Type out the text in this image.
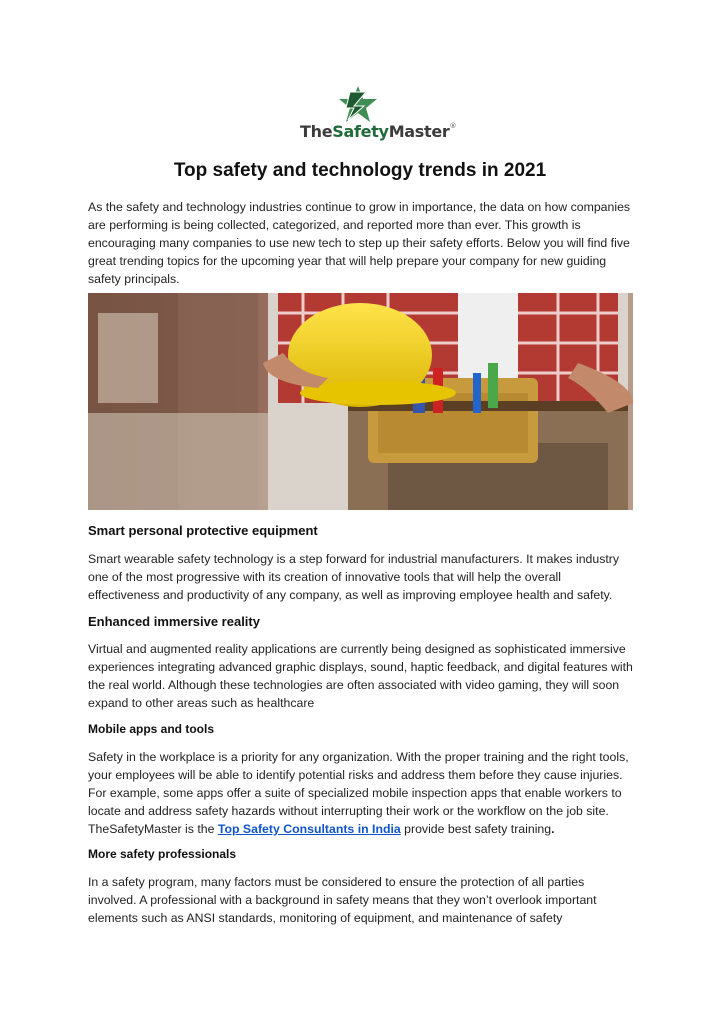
TheSafetyMaster®
Top safety and technology trends in 2021

As the safety and technology industries continue to grow in importance, the data on how companies are performing is being collected, categorized, and reported more than ever. This growth is encouraging many companies to use new tech to step up their safety efforts. Below you will find five great trending topics for the upcoming year that will help prepare your company for new guiding safety principals.

Smart personal protective equipment

Smart wearable safety technology is a step forward for industrial manufacturers. It makes industry one of the most progressive with its creation of innovative tools that will help the overall effectiveness and productivity of any company, as well as improving employee health and safety.

Enhanced immersive reality

Virtual and augmented reality applications are currently being designed as sophisticated immersive experiences integrating advanced graphic displays, sound, haptic feedback, and digital features with the real world. Although these technologies are often associated with video gaming, they will soon expand to other areas such as healthcare

Mobile apps and tools

Safety in the workplace is a priority for any organization. With the proper training and the right tools, your employees will be able to identify potential risks and address them before they cause injuries. For example, some apps offer a suite of specialized mobile inspection apps that enable workers to locate and address safety hazards without interrupting their work or the workflow on the job site. TheSafetyMaster is the Top Safety Consultants in India provide best safety training.

More safety professionals

In a safety program, many factors must be considered to ensure the protection of all parties involved. A professional with a background in safety means that they won’t overlook important elements such as ANSI standards, monitoring of equipment, and maintenance of safety
